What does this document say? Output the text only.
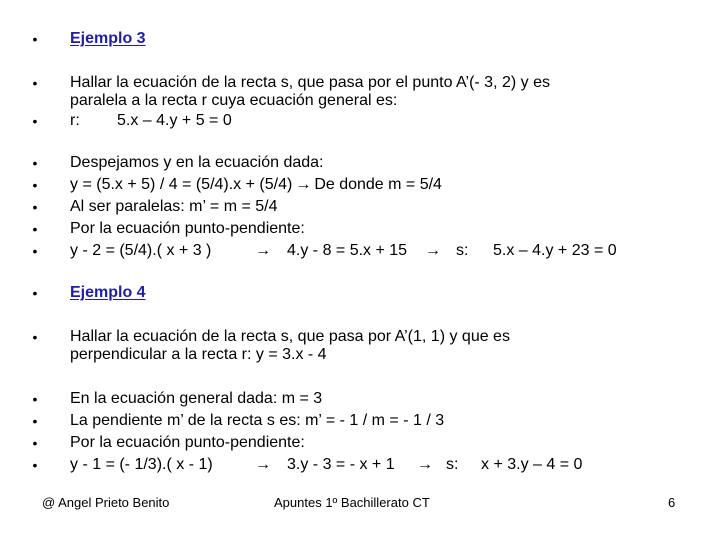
• Ejemplo 3
• Hallar la ecuación de la recta s, que pasa por el punto A’(- 3, 2) y es
paralela a la recta r cuya ecuación general es:
• r: 5.x – 4.y + 5 = 0
• Despejamos y en la ecuación dada:
• y = (5.x + 5) / 4 = (5/4).x + (5/4) → De donde m = 5/4
• Al ser paralelas: m’ = m = 5/4
• Por la ecuación punto-pendiente:
• y - 2 = (5/4).( x + 3 )	→ 4.y - 8 = 5.x + 15 → s: 5.x – 4.y + 23 = 0
• Ejemplo 4
• Hallar la ecuación de la recta s, que pasa por A’(1, 1) y que es
perpendicular a la recta r: y = 3.x - 4
• En la ecuación general dada: m = 3
• La pendiente m’ de la recta s es: m’ = - 1 / m = - 1 / 3
• Por la ecuación punto-pendiente:
• y - 1 = (- 1/3).( x - 1)	→ 3.y - 3 = - x + 1 → s: x + 3.y – 4 = 0
@ Angel Prieto Benito	Apuntes 1º Bachillerato CT	6
